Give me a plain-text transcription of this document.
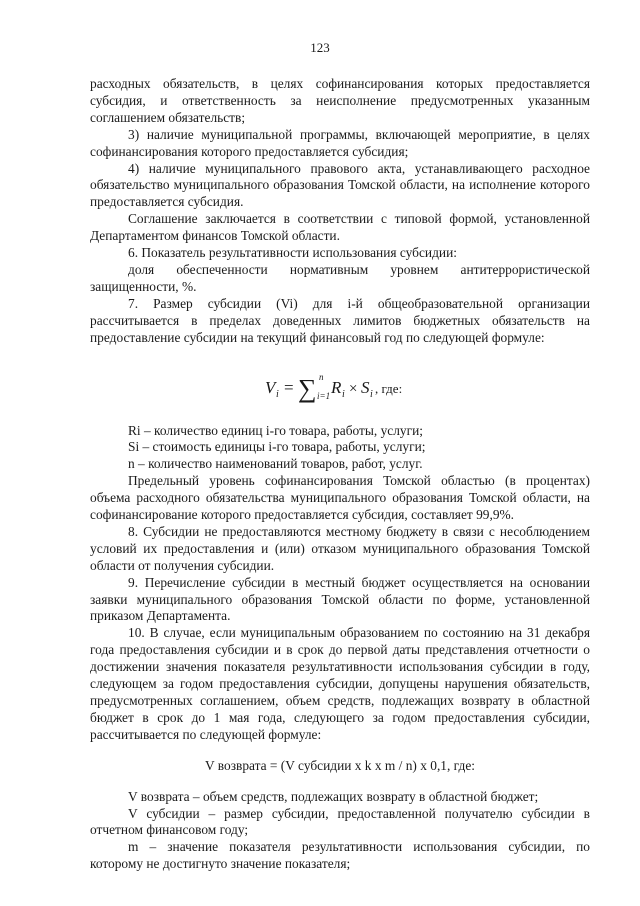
123

расходных обязательств, в целях софинансирования которых предоставляется субсидия, и ответственность за неисполнение предусмотренных указанным соглашением обязательств;

3) наличие муниципальной программы, включающей мероприятие, в целях софинансирования которого предоставляется субсидия;

4) наличие муниципального правового акта, устанавливающего расходное обязательство муниципального образования Томской области, на исполнение которого предоставляется субсидия.

Соглашение заключается в соответствии с типовой формой, установленной Департаментом финансов Томской области.

6. Показатель результативности использования субсидии:

доля обеспеченности нормативным уровнем антитеррористической защищенности, %.

7. Размер субсидии (Vi) для i-й общеобразовательной организации рассчитывается в пределах доведенных лимитов бюджетных обязательств на предоставление субсидии на текущий финансовый год по следующей формуле:

V i = ∑ n
i=1 R i × S i , где:

Ri – количество единиц i-го товара, работы, услуги;

Si – стоимость единицы i-го товара, работы, услуги;

n – количество наименований товаров, работ, услуг.

Предельный уровень софинансирования Томской областью (в процентах) объема расходного обязательства муниципального образования Томской области, на софинансирование которого предоставляется субсидия, составляет 99,9%.

8. Субсидии не предоставляются местному бюджету в связи с несоблюдением условий их предоставления и (или) отказом муниципального образования Томской области от получения субсидии.

9. Перечисление субсидии в местный бюджет осуществляется на основании заявки муниципального образования Томской области по форме, установленной приказом Департамента.

10. В случае, если муниципальным образованием по состоянию на 31 декабря года предоставления субсидии и в срок до первой даты представления отчетности о достижении значения показателя результативности использования субсидии в году, следующем за годом предоставления субсидии, допущены нарушения обязательств, предусмотренных соглашением, объем средств, подлежащих возврату в областной бюджет в срок до 1 мая года, следующего за годом предоставления субсидии, рассчитывается по следующей формуле:

V возврата = (V субсидии x k x m / n) x 0,1, где:

V возврата – объем средств, подлежащих возврату в областной бюджет;

V субсидии – размер субсидии, предоставленной получателю субсидии в отчетном финансовом году;

m – значение показателя результативности использования субсидии, по которому не достигнуто значение показателя;
